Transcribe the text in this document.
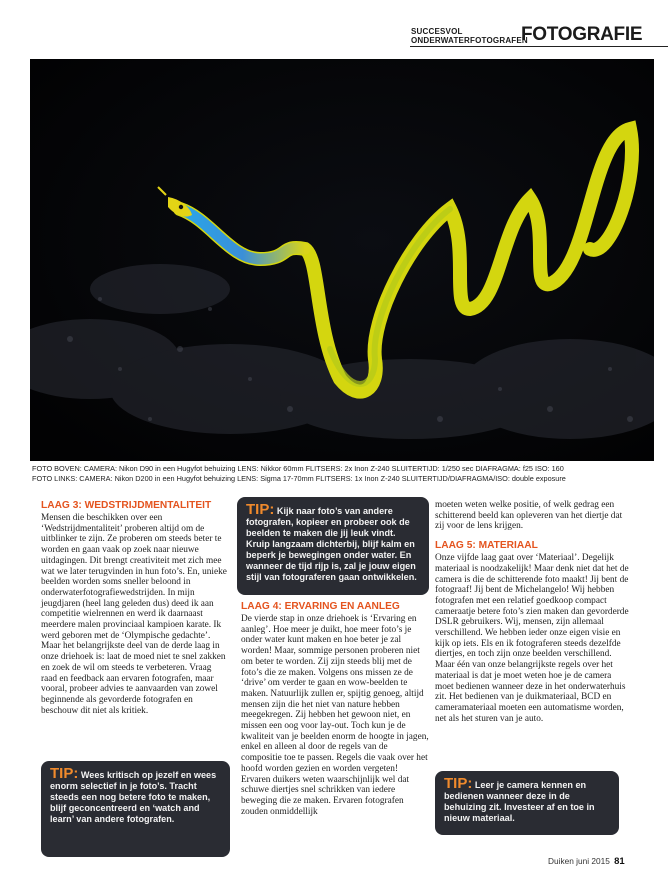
SUCCESVOL
ONDERWATERFOTOGRAFEN
FOTOGRAFIE
FOTO BOVEN: CAMERA: Nikon D90 in een Hugyfot behuizing LENS: Nikkor 60mm FLITSERS: 2x Inon Z-240 SLUITERTIJD: 1/250 sec DIAFRAGMA: f25 ISO: 160
FOTO LINKS: CAMERA: Nikon D200 in een Hugyfot behuizing LENS: Sigma 17-70mm FLITSERS: 1x Inon Z-240 SLUITERTIJD/DIAFRAGMA/ISO: double exposure
LAAG 3: WEDSTRIJDMENTALITEIT

Mensen die beschikken over een ‘Wedstrijdmentaliteit’ proberen altijd om de uitblinker te zijn. Ze proberen om steeds beter te worden en gaan vaak op zoek naar nieuwe uitdagingen. Dit brengt creativiteit met zich mee wat we later terugvinden in hun foto’s. En, unieke beelden worden soms sneller beloond in onderwaterfotografiewedstrijden. In mijn jeugdjaren (heel lang geleden dus) deed ik aan competitie wielrennen en werd ik daarnaast meerdere malen provinciaal kampioen karate. Ik werd geboren met de ‘Olympische gedachte’. Maar het belangrijkste deel van de derde laag in onze driehoek is: laat de moed niet te snel zakken en zoek de wil om steeds te verbeteren. Vraag raad en feedback aan ervaren fotografen, maar vooral, probeer advies te aanvaarden van zowel beginnende als gevorderde fotografen en beschouw dit niet als kritiek.

TIP: Wees kritisch op jezelf en wees enorm selectief in je foto’s. Tracht steeds een nog betere foto te maken, blijf geconcentreerd en ‘watch and learn’ van andere fotografen.
TIP: Kijk naar foto’s van andere fotografen, kopieer en probeer ook de beelden te maken die jij leuk vindt. Kruip langzaam dichterbij, blijf kalm en beperk je bewegingen onder water. En wanneer de tijd rijp is, zal je jouw eigen stijl van fotograferen gaan ontwikkelen.
LAAG 4: ERVARING EN AANLEG

De vierde stap in onze driehoek is ‘Ervaring en aanleg’. Hoe meer je duikt, hoe meer foto’s je onder water kunt maken en hoe beter je zal worden! Maar, sommige personen proberen niet om beter te worden. Zij zijn steeds blij met de foto’s die ze maken. Volgens ons missen ze de ‘drive’ om verder te gaan en wow-beelden te maken. Natuurlijk zullen er, spijtig genoeg, altijd mensen zijn die het niet van nature hebben meegekregen. Zij hebben het gewoon niet, en missen een oog voor lay-out. Toch kun je de kwaliteit van je beelden enorm de hoogte in jagen, enkel en alleen al door de regels van de compositie toe te passen. Regels die vaak over het hoofd worden gezien en worden vergeten! Ervaren duikers weten waarschijnlijk wel dat schuwe diertjes snel schrikken van iedere beweging die ze maken. Ervaren fotografen zouden onmiddellijk

moeten weten welke positie, of welk gedrag een schitterend beeld kan opleveren van het diertje dat zij voor de lens krijgen.

LAAG 5: MATERIAAL

Onze vijfde laag gaat over ‘Materiaal’. Degelijk materiaal is noodzakelijk! Maar denk niet dat het de camera is die de schitterende foto maakt! Jij bent de fotograaf! Jij bent de Michelangelo! Wij hebben fotografen met een relatief goedkoop compact cameraatje betere foto’s zien maken dan gevorderde DSLR gebruikers. Wij, mensen, zijn allemaal verschillend. We hebben ieder onze eigen visie en kijk op iets. Els en ik fotograferen steeds dezelfde diertjes, en toch zijn onze beelden verschillend. Maar één van onze belangrijkste regels over het materiaal is dat je moet weten hoe je de camera moet bedienen wanneer deze in het onderwaterhuis zit. Het bedienen van je duikmateriaal, BCD en cameramateriaal moeten een automatisme worden, net als het sturen van je auto.

TIP: Leer je camera kennen en bedienen wanneer deze in de behuizing zit. Investeer af en toe in nieuw materiaal.
Duiken juni 2015 81
